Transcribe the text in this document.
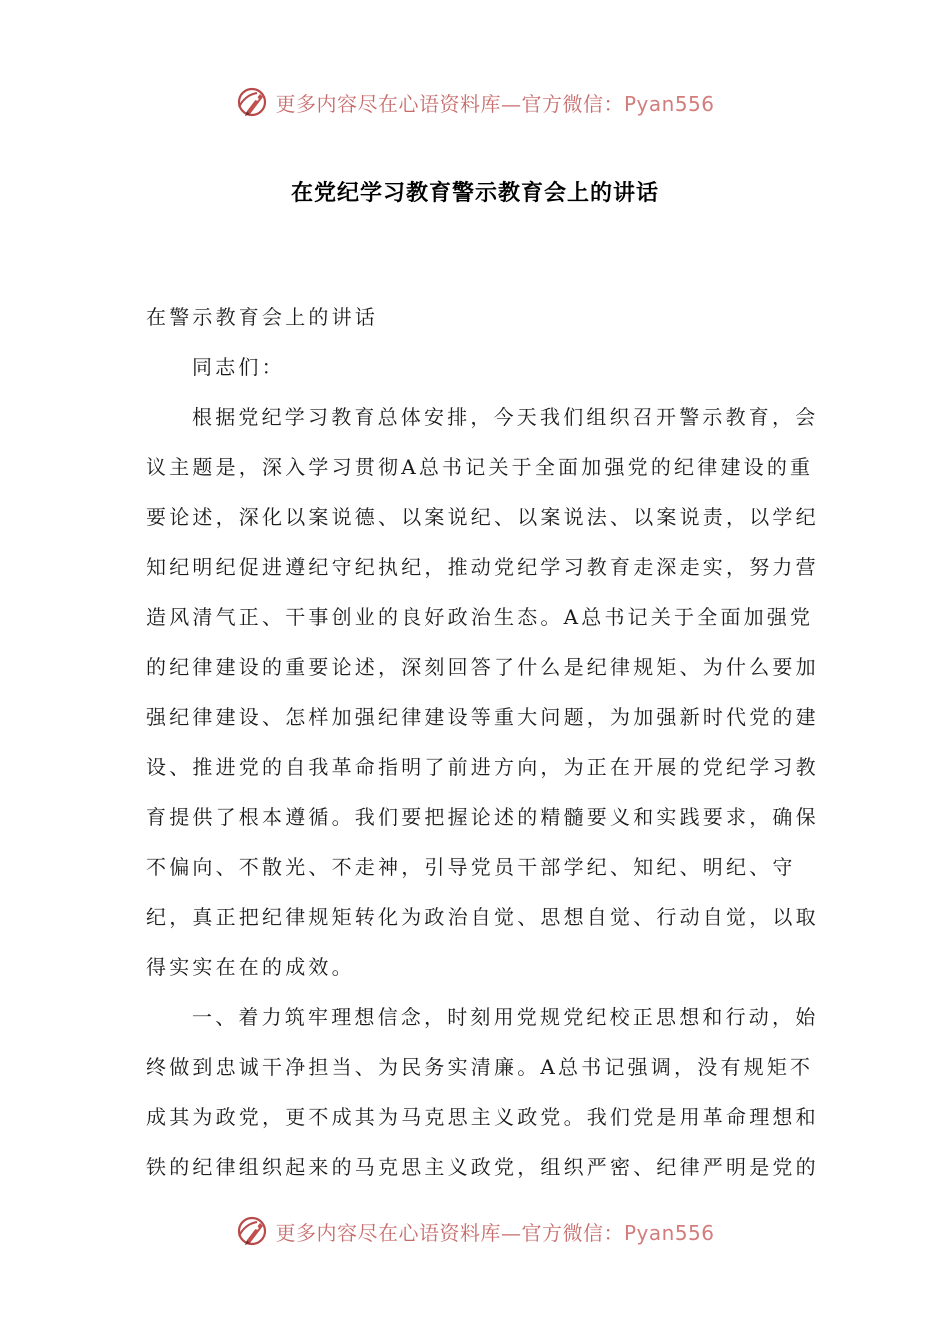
更多内容尽在心语资料库—官方微信：Pyan556
在党纪学习教育警示教育会上的讲话

在警示教育会上的讲话

同志们：

根据党纪学习教育总体安排，今天我们组织召开警示教育，会议主题是，深入学习贯彻A总书记关于全面加强党的纪律建设的重要论述，深化以案说德、以案说纪、以案说法、以案说责，以学纪知纪明纪促进遵纪守纪执纪，推动党纪学习教育走深走实，努力营造风清气正、干事创业的良好政治生态。A总书记关于全面加强党的纪律建设的重要论述，深刻回答了什么是纪律规矩、为什么要加强纪律建设、怎样加强纪律建设等重大问题，为加强新时代党的建设、推进党的自我革命指明了前进方向，为正在开展的党纪学习教育提供了根本遵循。我们要把握论述的精髓要义和实践要求，确保不偏向、不散光、不走神，引导党员干部学纪、知纪、明纪、守纪，真正把纪律规矩转化为政治自觉、思想自觉、行动自觉，以取得实实在在的成效。

一、着力筑牢理想信念，时刻用党规党纪校正思想和行动，始终做到忠诚干净担当、为民务实清廉。A总书记强调，没有规矩不成其为政党，更不成其为马克思主义政党。我们党是用革命理想和铁的纪律组织起来的马克思主义政党，组织严密、纪律严明是党的

更多内容尽在心语资料库—官方微信：Pyan556
